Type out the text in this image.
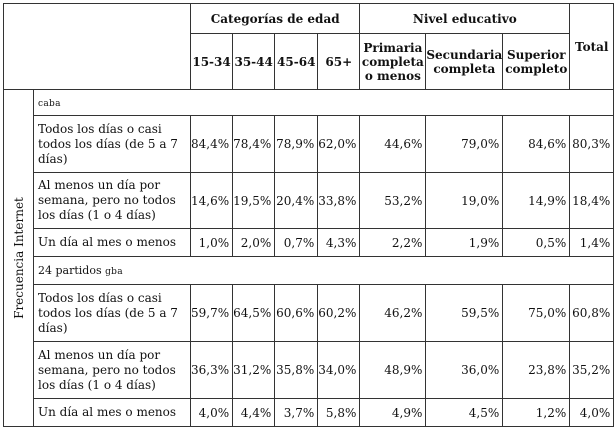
		Categorías de edad				Nivel educativo			Total
		15-34	35-44	45-64	65+	Primaria completa o menos	Secundaria completa	Superior completo	

Frecuencia Internet	caba								
	Todos los días o casi todos los días (de 5 a 7 días)	84,4%	78,4%	78,9%	62,0%	44,6%	79,0%	84,6%	80,3%
	Al menos un día por semana, pero no todos los días (1 o 4 días)	14,6%	19,5%	20,4%	33,8%	53,2%	19,0%	14,9%	18,4%
	Un día al mes o menos	1,0%	2,0%	0,7%	4,3%	2,2%	1,9%	0,5%	1,4%
	24 partidos gba								
	Todos los días o casi todos los días (de 5 a 7 días)	59,7%	64,5%	60,6%	60,2%	46,2%	59,5%	75,0%	60,8%
	Al menos un día por semana, pero no todos los días (1 o 4 días)	36,3%	31,2%	35,8%	34,0%	48,9%	36,0%	23,8%	35,2%
	Un día al mes o menos	4,0%	4,4%	3,7%	5,8%	4,9%	4,5%	1,2%	4,0%
